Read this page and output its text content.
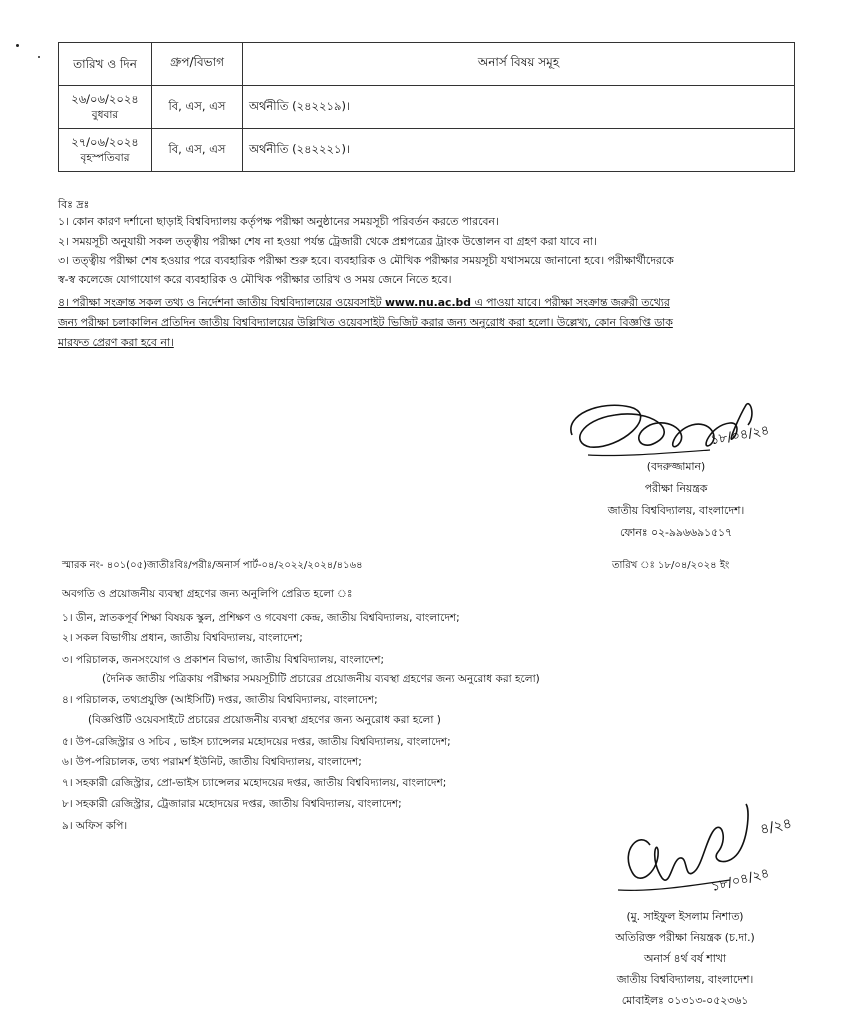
তারিখ ও দিন	গ্রুপ/বিভাগ	অনার্স বিষয় সমূহ

২৬/০৬/২০২৪
বুধবার	বি, এস, এস	অর্থনীতি (২৪২২১৯)।

২৭/০৬/২০২৪
বৃহস্পতিবার	বি, এস, এস	অর্থনীতি (২৪২২২১)।
বিঃ দ্রঃ
১। কোন কারণ দর্শানো ছাড়াই বিশ্ববিদ্যালয় কর্তৃপক্ষ পরীক্ষা অনুষ্ঠানের সময়সূচী পরিবর্তন করতে পারবেন।
২। সময়সূচী অনুযায়ী সকল তত্ত্বীয় পরীক্ষা শেষ না হওয়া পর্যন্ত ট্রেজারী থেকে প্রশ্নপত্রের ট্রাংক উত্তোলন বা গ্রহণ করা যাবে না।
৩। তত্ত্বীয় পরীক্ষা শেষ হওয়ার পরে ব্যবহারিক পরীক্ষা শুরু হবে। ব্যবহারিক ও মৌখিক পরীক্ষার সময়সূচী যথাসময়ে জানানো হবে। পরীক্ষার্থীদেরকে
স্ব-স্ব কলেজে যোগাযোগ করে ব্যবহারিক ও মৌখিক পরীক্ষার তারিখ ও সময় জেনে নিতে হবে।
৪। পরীক্ষা সংক্রান্ত সকল তথ্য ও নির্দেশনা জাতীয় বিশ্ববিদ্যালয়ের ওয়েবসাইট www.nu.ac.bd এ পাওয়া যাবে। পরীক্ষা সংক্রান্ত জরুরী তথ্যের
জন্য পরীক্ষা চলাকালিন প্রতিদিন জাতীয় বিশ্ববিদ্যালয়ের উল্লিখিত ওয়েবসাইট ভিজিট করার জন্য অনুরোধ করা হলো। উল্লেখ্য, কোন বিজ্ঞপ্তি ডাক
মারফত প্রেরণ করা হবে না।
১৮/০৪/২৪
(বদরুজ্জামান)
পরীক্ষা নিয়ন্ত্রক
জাতীয় বিশ্ববিদ্যালয়, বাংলাদেশ।
ফোনঃ ০২-৯৯৬৬৯১৫১৭
স্মারক নং- ৪০১(০৫)জাতীঃবিঃ/পরীঃ/অনার্স পার্ট-০৪/২০২২/২০২৪/৪১৬৪	তারিখ ঃ ১৮/০৪/২০২৪ ইং
অবগতি ও প্রয়োজনীয় ব্যবস্থা গ্রহণের জন্য অনুলিপি প্রেরিত হলো ঃ
১। ডীন, স্নাতকপূর্ব শিক্ষা বিষয়ক স্কুল, প্রশিক্ষণ ও গবেষণা কেন্দ্র, জাতীয় বিশ্ববিদ্যালয়, বাংলাদেশ;
২। সকল বিভাগীয় প্রধান, জাতীয় বিশ্ববিদ্যালয়, বাংলাদেশ;
৩। পরিচালক, জনসংযোগ ও প্রকাশন বিভাগ, জাতীয় বিশ্ববিদ্যালয়, বাংলাদেশ;
(দৈনিক জাতীয় পত্রিকায় পরীক্ষার সময়সূচীটি প্রচারের প্রয়োজনীয় ব্যবস্থা গ্রহণের জন্য অনুরোধ করা হলো)
৪। পরিচালক, তথ্যপ্রযুক্তি (আইসিটি) দপ্তর, জাতীয় বিশ্ববিদ্যালয়, বাংলাদেশ;
(বিজ্ঞপ্তিটি ওয়েবসাইটে প্রচারের প্রয়োজনীয় ব্যবস্থা গ্রহণের জন্য অনুরোধ করা হলো )
৫। উপ-রেজিস্ট্রার ও সচিব , ভাইস চ্যান্সেলর মহোদয়ের দপ্তর, জাতীয় বিশ্ববিদ্যালয়, বাংলাদেশ;
৬। উপ-পরিচালক, তথ্য পরামর্শ ইউনিট, জাতীয় বিশ্ববিদ্যালয়, বাংলাদেশ;
৭। সহকারী রেজিস্ট্রার, প্রো-ভাইস চ্যান্সেলর মহোদয়ের দপ্তর, জাতীয় বিশ্ববিদ্যালয়, বাংলাদেশ;
৮। সহকারী রেজিস্ট্রার, ট্রেজারার মহোদয়ের দপ্তর, জাতীয় বিশ্ববিদ্যালয়, বাংলাদেশ;
৯। অফিস কপি।	৪/২৪
১৮/০৪/২৪
(মু. সাইফুল ইসলাম নিশাত)
অতিরিক্ত পরীক্ষা নিয়ন্ত্রক (চ.দা.)
অনার্স ৪র্থ বর্ষ শাখা
জাতীয় বিশ্ববিদ্যালয়, বাংলাদেশ।
মোবাইলঃ ০১৩১৩-০৫২৩৬১
